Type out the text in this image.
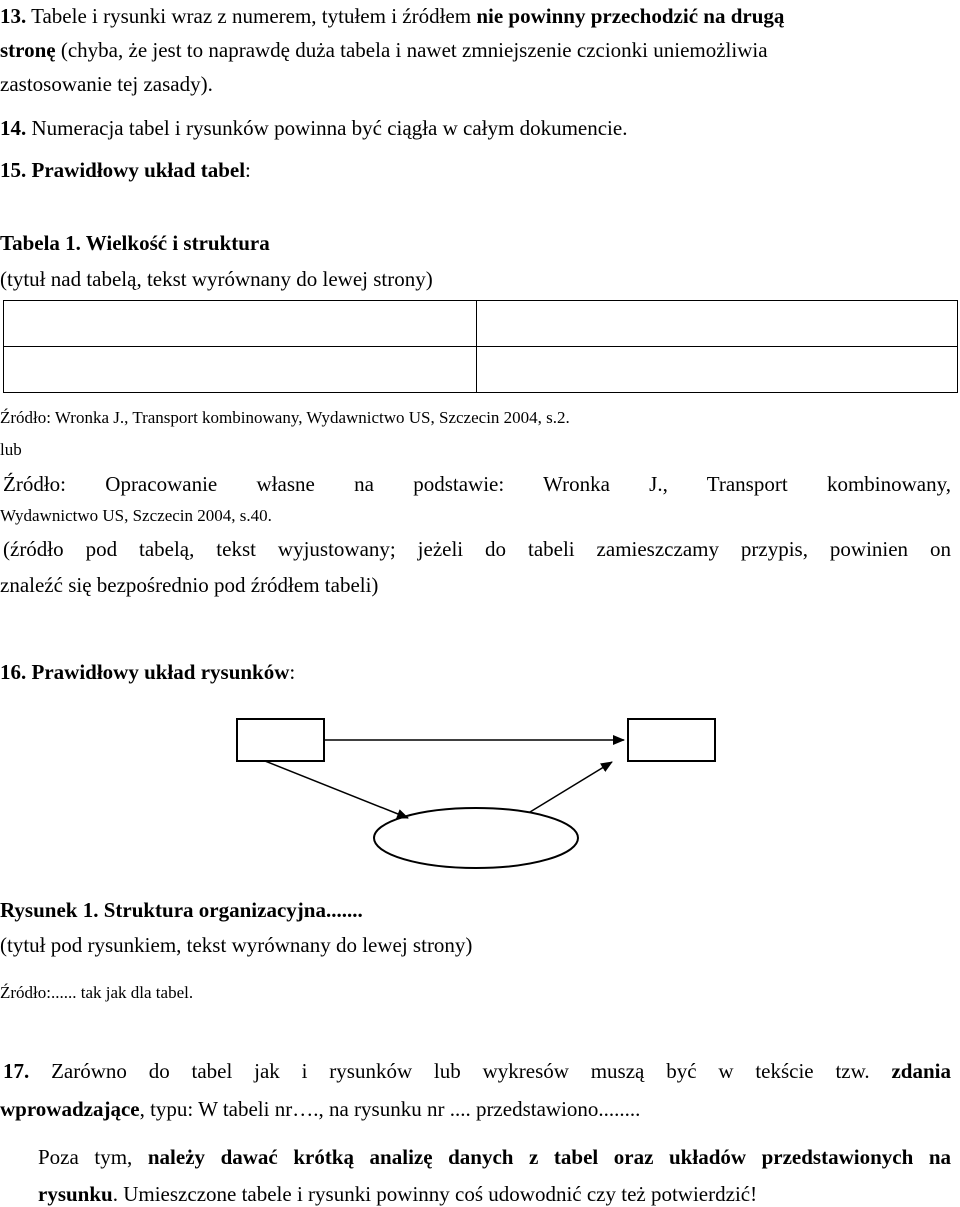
13. Tabele i rysunki wraz z numerem, tytułem i źródłem nie powinny przechodzić na drugą
stronę (chyba, że jest to naprawdę duża tabela i nawet zmniejszenie czcionki uniemożliwia
zastosowanie tej zasady).
14. Numeracja tabel i rysunków powinna być ciągła w całym dokumencie.
15. Prawidłowy układ tabel:
Tabela 1. Wielkość i struktura
(tytuł nad tabelą, tekst wyrównany do lewej strony)

Źródło: Wronka J., Transport kombinowany, Wydawnictwo US, Szczecin 2004, s.2.
lub
Źródło: Opracowanie własne na podstawie: Wronka J., Transport kombinowany,
Wydawnictwo US, Szczecin 2004, s.40.
(źródło pod tabelą, tekst wyjustowany; jeżeli do tabeli zamieszczamy przypis, powinien on
znaleźć się bezpośrednio pod źródłem tabeli)
16. Prawidłowy układ rysunków:
Rysunek 1. Struktura organizacyjna.......
(tytuł pod rysunkiem, tekst wyrównany do lewej strony)
Źródło:...... tak jak dla tabel.
17. Zarówno do tabel jak i rysunków lub wykresów muszą być w tekście tzw. zdania
wprowadzające, typu: W tabeli nr…., na rysunku nr .... przedstawiono........
Poza tym, należy dawać krótką analizę danych z tabel oraz układów przedstawionych na
rysunku. Umieszczone tabele i rysunki powinny coś udowodnić czy też potwierdzić!
